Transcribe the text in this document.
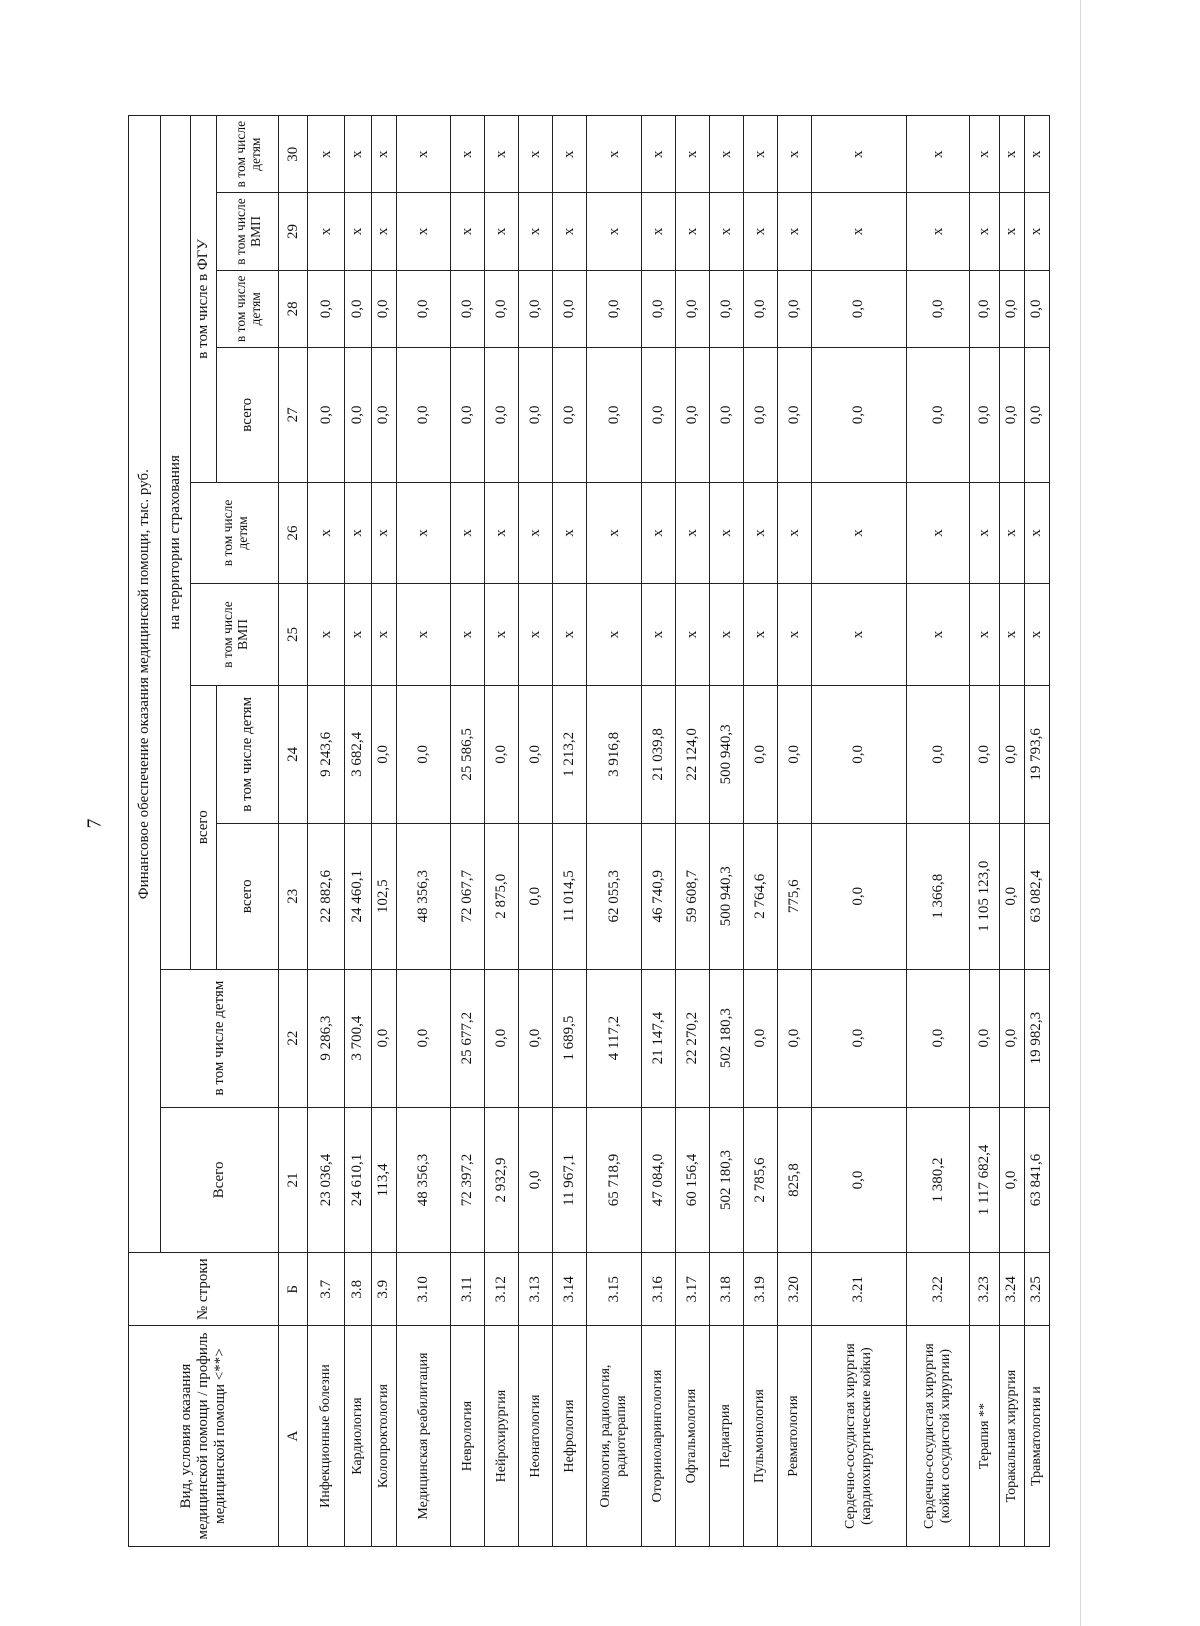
7
Вид, условия оказания медицинской помощи / профиль медицинской помощи <**>	№ строки	Финансовое обеспечение оказания медицинской помощи, тыс. руб.									
		Всего	в том числе детям	на территории страхования							
				всего		в том числе ВМП	в том числе детям	в том числе в ФГУ			
				всего	в том числе детям			всего	в том числе детям	в том числе ВМП	в том числе детям
А	Б	21	22	23	24	25	26	27	28	29	30
Инфекционные болезни	3.7	23 036,4	9 286,3	22 882,6	9 243,6	x	x	0,0	0,0	x	x
Кардиология	3.8	24 610,1	3 700,4	24 460,1	3 682,4	x	x	0,0	0,0	x	x
Колопроктология	3.9	113,4	0,0	102,5	0,0	x	x	0,0	0,0	x	x
Медицинская реабилитация	3.10	48 356,3	0,0	48 356,3	0,0	x	x	0,0	0,0	x	x
Неврология	3.11	72 397,2	25 677,2	72 067,7	25 586,5	x	x	0,0	0,0	x	x
Нейрохирургия	3.12	2 932,9	0,0	2 875,0	0,0	x	x	0,0	0,0	x	x
Неонатология	3.13	0,0	0,0	0,0	0,0	x	x	0,0	0,0	x	x
Нефрология	3.14	11 967,1	1 689,5	11 014,5	1 213,2	x	x	0,0	0,0	x	x
Онкология, радиология, радиотерапия	3.15	65 718,9	4 117,2	62 055,3	3 916,8	x	x	0,0	0,0	x	x
Оториноларингология	3.16	47 084,0	21 147,4	46 740,9	21 039,8	x	x	0,0	0,0	x	x
Офтальмология	3.17	60 156,4	22 270,2	59 608,7	22 124,0	x	x	0,0	0,0	x	x
Педиатрия	3.18	502 180,3	502 180,3	500 940,3	500 940,3	x	x	0,0	0,0	x	x
Пульмонология	3.19	2 785,6	0,0	2 764,6	0,0	x	x	0,0	0,0	x	x
Ревматология	3.20	825,8	0,0	775,6	0,0	x	x	0,0	0,0	x	x
Сердечно-сосудистая хирургия (кардиохирургические койки)	3.21	0,0	0,0	0,0	0,0	x	x	0,0	0,0	x	x
Сердечно-сосудистая хирургия (койки сосудистой хирургии)	3.22	1 380,2	0,0	1 366,8	0,0	x	x	0,0	0,0	x	x
Терапия **	3.23	1 117 682,4	0,0	1 105 123,0	0,0	x	x	0,0	0,0	x	x
Торакальная хирургия	3.24	0,0	0,0	0,0	0,0	x	x	0,0	0,0	x	x
Травматология и	3.25	63 841,6	19 982,3	63 082,4	19 793,6	x	x	0,0	0,0	x	x
